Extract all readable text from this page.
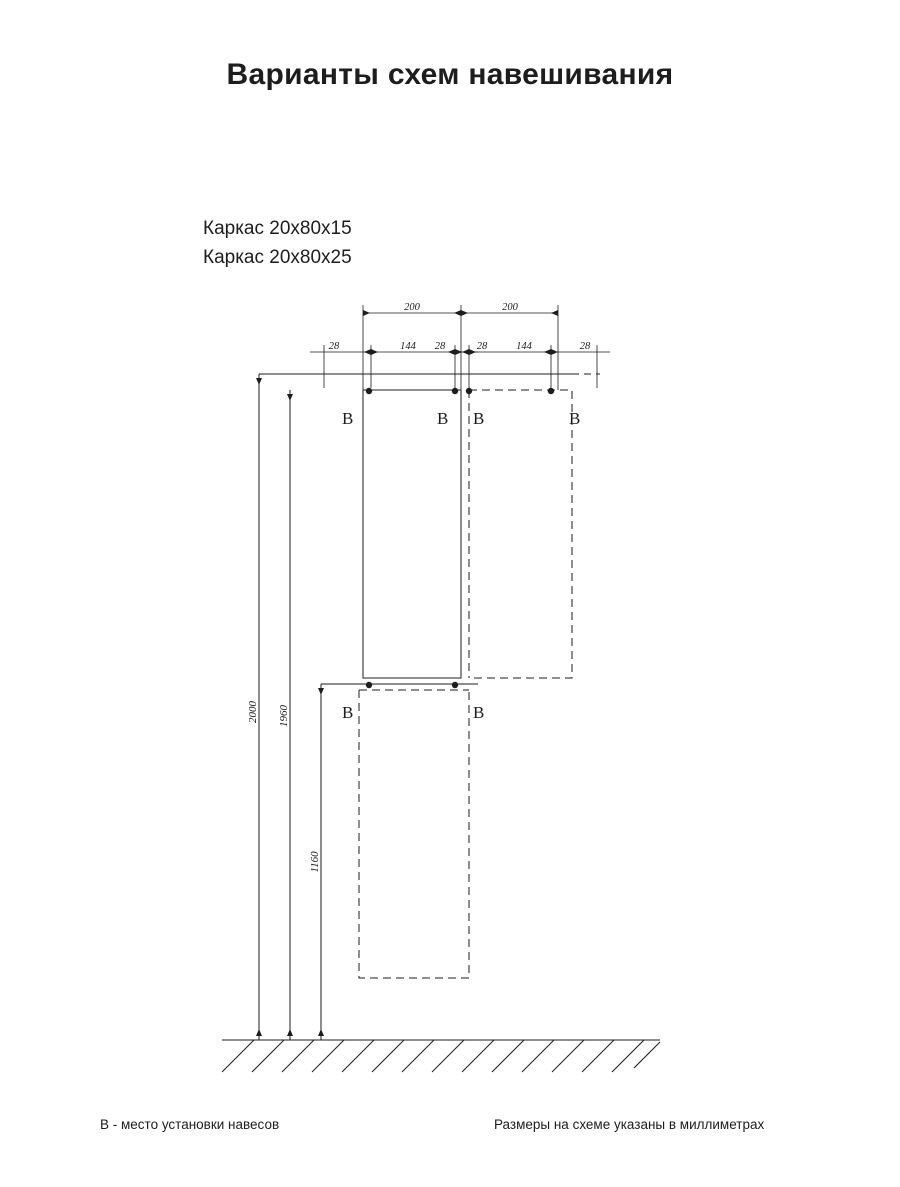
Варианты схем навешивания
Каркас 20x80x15
Каркас 20x80x25
200	200
28	144 28	28	144	28
B	B B	B
B	B
2000 1960
1160
B - место установки навесов	Размеры на схеме указаны в миллиметрах
